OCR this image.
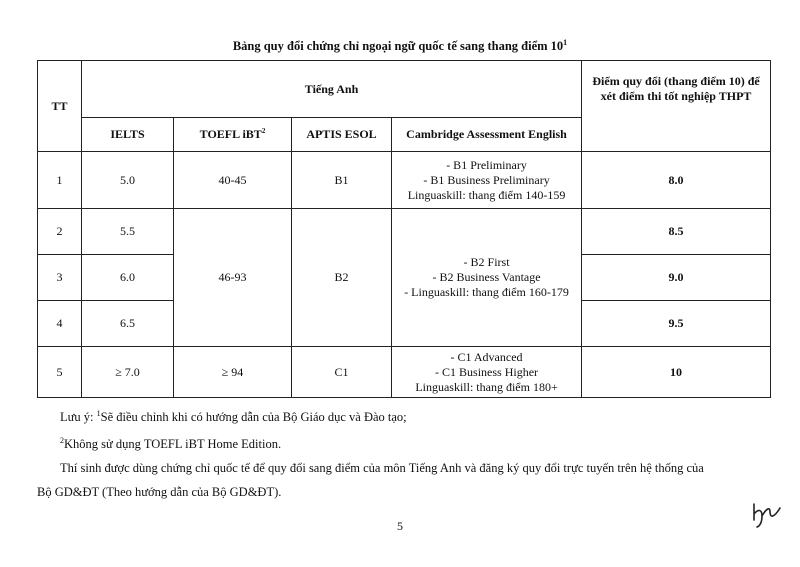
Bảng quy đổi chứng chỉ ngoại ngữ quốc tế sang thang điểm $10^1$
TT	Tiếng Anh				Điểm quy đổi (thang điểm 10) để xét điểm thi tốt nghiệp THPT
	IELTS	TOEFL iBT$^2$	APTIS ESOL	Cambridge Assessment English	
1	5.0	40-45	B1	- B1 Preliminary
- B1 Business Preliminary
Linguaskill: thang điểm 140-159	8.0
2	5.5	46-93	B2	- B2 First
- B2 Business Vantage
- Linguaskill: thang điểm 160-179	8.5
3	6.0				9.0
4	6.5				9.5
5	≥ 7.0	≥ 94	C1	- C1 Advanced
- C1 Business Higher
Linguaskill: thang điểm 180+	10

Lưu ý: $^1$Sẽ điều chỉnh khi có hướng dẫn của Bộ Giáo dục và Đào tạo;

$^2$Không sử dụng TOEFL iBT Home Edition.

Thí sinh được dùng chứng chỉ quốc tế để quy đổi sang điểm của môn Tiếng Anh và đăng ký quy đổi trực tuyến trên hệ thống của

Bộ GD&ĐT (Theo hướng dẫn của Bộ GD&ĐT).

5
